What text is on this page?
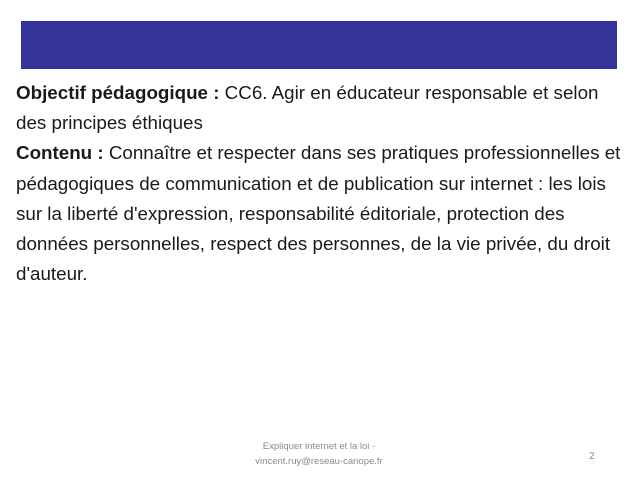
Objectif pédagogique : CC6. Agir en éducateur responsable et selon des principes éthiques

Contenu : Connaître et respecter dans ses pratiques professionnelles et pédagogiques de communication et de publication sur internet : les lois sur la liberté d'expression, responsabilité éditoriale, protection des données personnelles, respect des personnes, de la vie privée, du droit d'auteur.

Expliquer internet et la loi -
vincent.ruy@reseau-canope.fr	2
